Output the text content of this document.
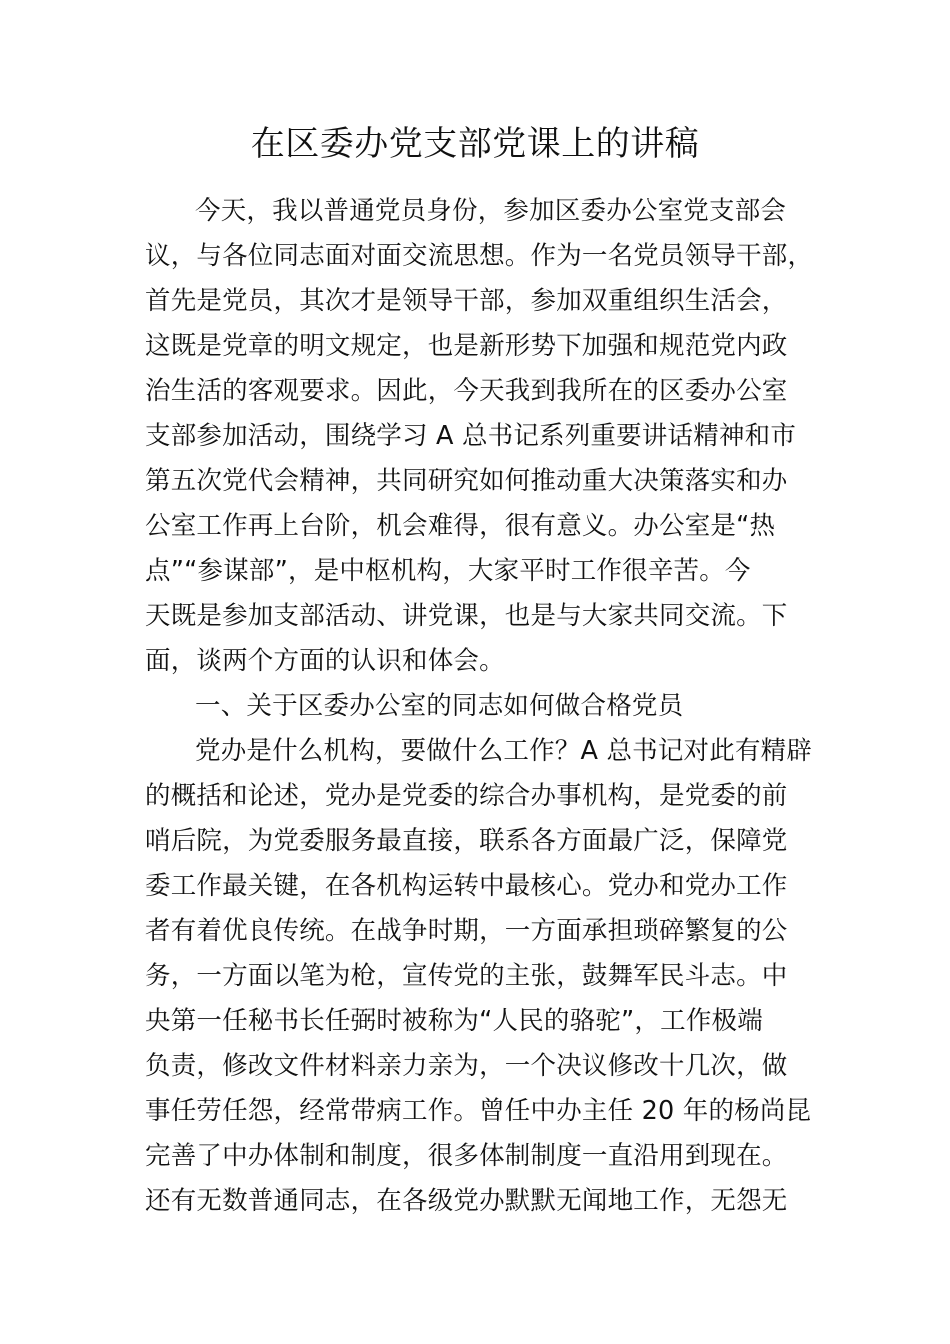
在区委办党支部党课上的讲稿
今天，我以普通党员身份，参加区委办公室党支部会
议，与各位同志面对面交流思想。作为一名党员领导干部，
首先是党员，其次才是领导干部，参加双重组织生活会，
这既是党章的明文规定，也是新形势下加强和规范党内政
治生活的客观要求。因此，今天我到我所在的区委办公室
支部参加活动，围绕学习 A 总书记系列重要讲话精神和市
第五次党代会精神，共同研究如何推动重大决策落实和办
公室工作再上台阶，机会难得，很有意义。办公室是“热
点”“参谋部”，是中枢机构，大家平时工作很辛苦。今
天既是参加支部活动、讲党课，也是与大家共同交流。下
面，谈两个方面的认识和体会。
一、关于区委办公室的同志如何做合格党员
党办是什么机构，要做什么工作？A 总书记对此有精辟
的概括和论述，党办是党委的综合办事机构，是党委的前
哨后院，为党委服务最直接，联系各方面最广泛，保障党
委工作最关键，在各机构运转中最核心。党办和党办工作
者有着优良传统。在战争时期，一方面承担琐碎繁复的公
务，一方面以笔为枪，宣传党的主张，鼓舞军民斗志。中
央第一任秘书长任弼时被称为“人民的骆驼”，工作极端
负责，修改文件材料亲力亲为，一个决议修改十几次，做
事任劳任怨，经常带病工作。曾任中办主任 20 年的杨尚昆
完善了中办体制和制度，很多体制制度一直沿用到现在。
还有无数普通同志，在各级党办默默无闻地工作，无怨无
